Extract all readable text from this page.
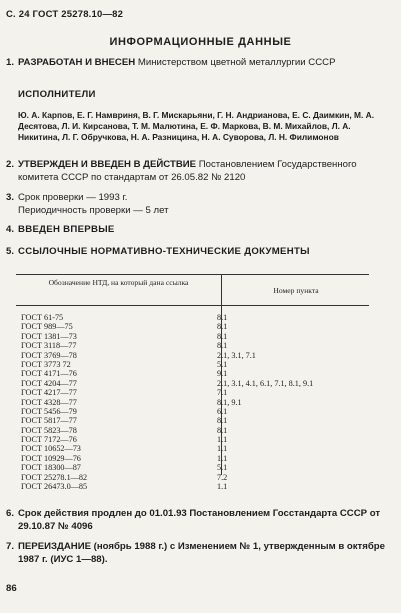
С. 24 ГОСТ 25278.10—82
ИНФОРМАЦИОННЫЕ ДАННЫЕ
1. РАЗРАБОТАН И ВНЕСЕН Министерством цветной металлургии СССР
ИСПОЛНИТЕЛИ
Ю. А. Карпов, Е. Г. Намвриня, В. Г. Мискарьяни, Г. Н. Андрианова, Е. С. Даимкин, М. А. Десятова, Л. И. Кирсанова, Т. М. Малютина, Е. Ф. Маркова, В. М. Михайлов, Л. А. Никитина, Л. Г. Обручкова, Н. А. Разницина, Н. А. Суворова, Л. Н. Филимонов
2. УТВЕРЖДЕН И ВВЕДЕН В ДЕЙСТВИЕ Постановлением Государственного комитета СССР по стандартам от 26.05.82 № 2120
3. Срок проверки — 1993 г.
Периодичность проверки — 5 лет
4. ВВЕДЕН ВПЕРВЫЕ
5. ССЫЛОЧНЫЕ НОРМАТИВНО-ТЕХНИЧЕСКИЕ ДОКУМЕНТЫ
Обозначение НТД, на который дана ссылка
Номер пункта
ГОСТ 61-75	8.1
ГОСТ 989—75	8.1
ГОСТ 1381—73	8.1
ГОСТ 3118—77	8.1
ГОСТ 3769—78	2.1, 3.1, 7.1
ГОСТ 3773 72	5.1
ГОСТ 4171—76	9.1
ГОСТ 4204—77	2.1, 3.1, 4.1, 6.1, 7.1, 8.1, 9.1
ГОСТ 4217—77	7.1
ГОСТ 4328—77	8.1, 9.1
ГОСТ 5456—79	6.1
ГОСТ 5817—77	8.1
ГОСТ 5823—78	8.1
ГОСТ 7172—76	1.1
ГОСТ 10652—73	1.1
ГОСТ 10929—76	1.1
ГОСТ 18300—87	5.1
ГОСТ 25278.1—82	7.2
ГОСТ 26473.0—85	1.1
6. Срок действия продлен до 01.01.93 Постановлением Госстандарта СССР от 29.10.87 № 4096
7. ПЕРЕИЗДАНИЕ (ноябрь 1988 г.) с Изменением № 1, утвержденным в октябре 1987 г. (ИУС 1—88).
86
